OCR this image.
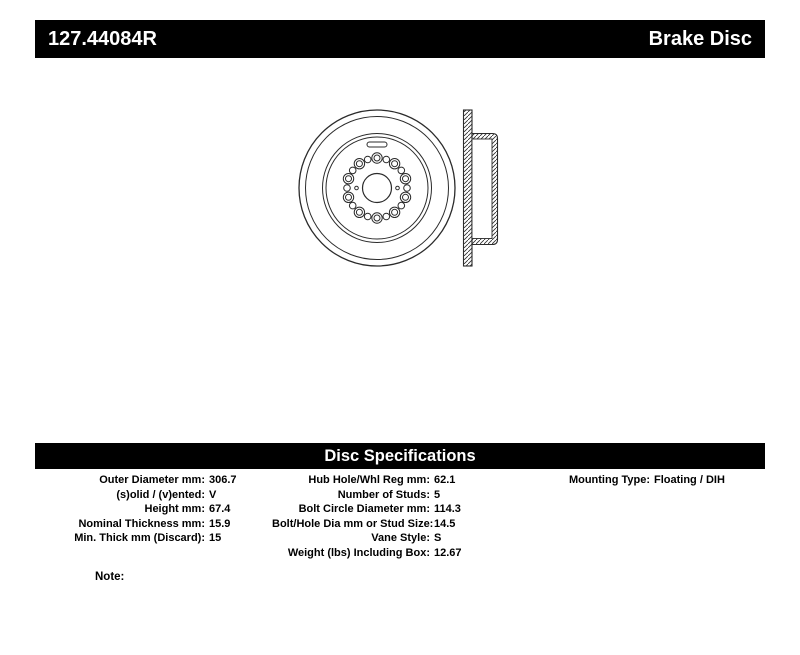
127.44084R	Brake Disc
Disc Specifications
Outer Diameter mm: 306.7
(s)olid / (v)ented: V
Height mm: 67.4
Nominal Thickness mm: 15.9
Min. Thick mm (Discard): 15
Hub Hole/Whl Reg mm: 62.1
Number of Studs: 5
Bolt Circle Diameter mm: 114.3
Bolt/Hole Dia mm or Stud Size: 14.5
Vane Style: S
Weight (lbs) Including Box: 12.67
Mounting Type: Floating / DIH
Note:
